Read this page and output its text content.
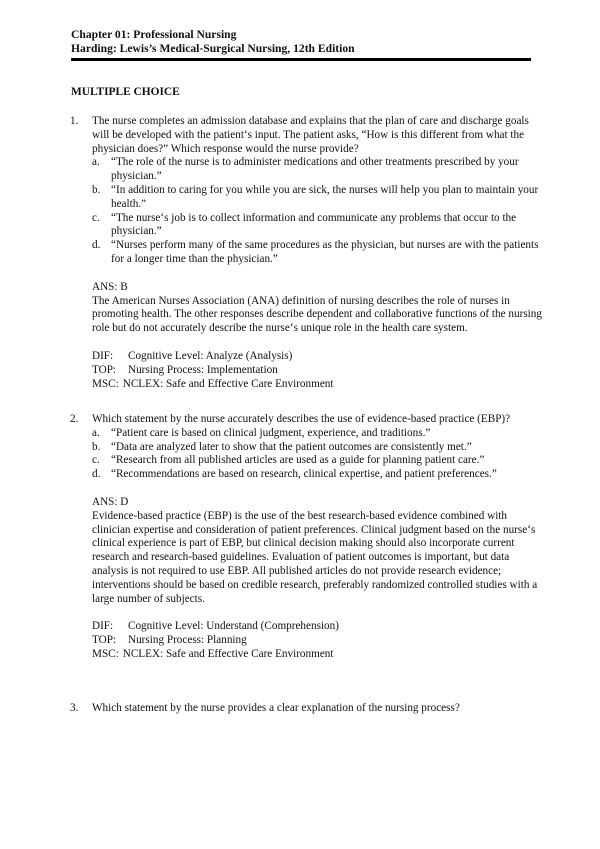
Chapter 01: Professional Nursing
Harding: Lewis’s Medical-Surgical Nursing, 12th Edition
MULTIPLE CHOICE
1. The nurse completes an admission database and explains that the plan of care and discharge goals will be developed with the patient‘s input. The patient asks, “How is this different from what the physician does?” Which response would the nurse provide?

a. “The role of the nurse is to administer medications and other treatments prescribed by your physician.”
b. “In addition to caring for you while you are sick, the nurses will help you plan to maintain your health.”
c. “The nurse‘s job is to collect information and communicate any problems that occur to the physician.”
d. “Nurses perform many of the same procedures as the physician, but nurses are with the patients for a longer time than the physician.”

ANS: B

The American Nurses Association (ANA) definition of nursing describes the role of nurses in promoting health. The other responses describe dependent and collaborative functions of the nursing role but do not accurately describe the nurse‘s unique role in the health care system.

DIF: Cognitive Level: Analyze (Analysis)

TOP: Nursing Process: Implementation

MSC: NCLEX: Safe and Effective Care Environment

2. Which statement by the nurse accurately describes the use of evidence-based practice (EBP)?

a. “Patient care is based on clinical judgment, experience, and traditions.”
b. “Data are analyzed later to show that the patient outcomes are consistently met.”
c. “Research from all published articles are used as a guide for planning patient care.”
d. “Recommendations are based on research, clinical expertise, and patient preferences.”

ANS: D

Evidence-based practice (EBP) is the use of the best research-based evidence combined with clinician expertise and consideration of patient preferences. Clinical judgment based on the nurse‘s clinical experience is part of EBP, but clinical decision making should also incorporate current research and research-based guidelines. Evaluation of patient outcomes is important, but data analysis is not required to use EBP. All published articles do not provide research evidence; interventions should be based on credible research, preferably randomized controlled studies with a large number of subjects.

DIF: Cognitive Level: Understand (Comprehension)

TOP: Nursing Process: Planning

MSC: NCLEX: Safe and Effective Care Environment

3. Which statement by the nurse provides a clear explanation of the nursing process?
